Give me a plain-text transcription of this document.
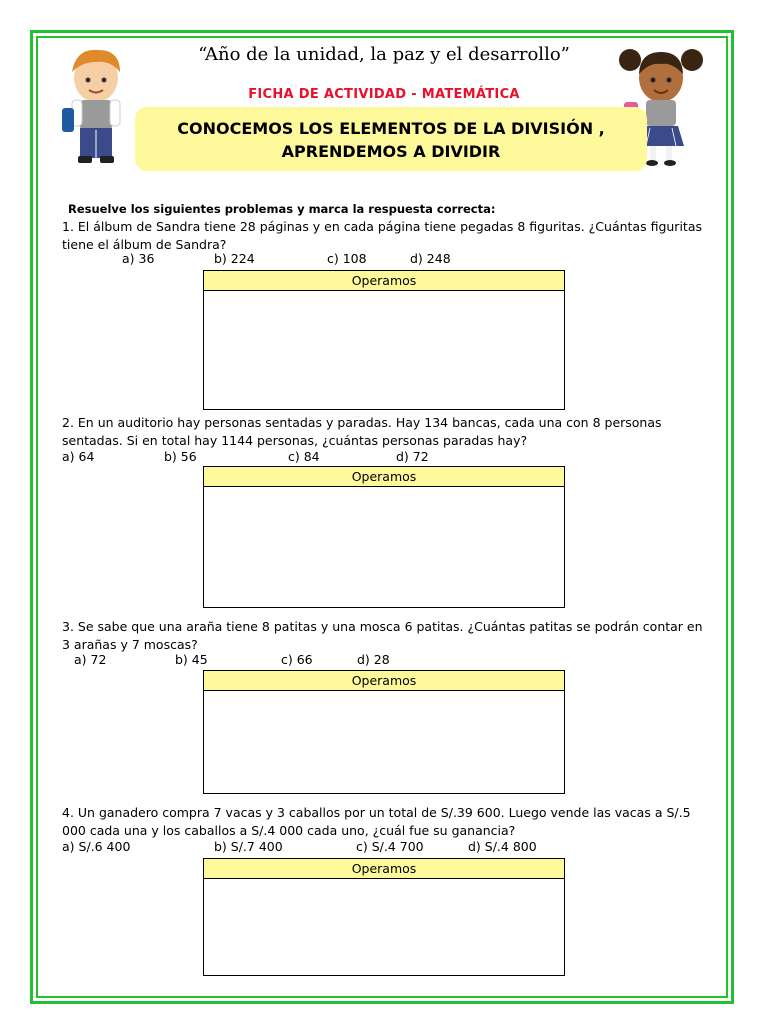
“Año de la unidad, la paz y el desarrollo”
FICHA DE ACTIVIDAD - MATEMÁTICA
CONOCEMOS LOS ELEMENTOS DE LA DIVISIÓN ,
APRENDEMOS A DIVIDIR
Resuelve los siguientes problemas y marca la respuesta correcta:
1. El álbum de Sandra tiene 28 páginas y en cada página tiene pegadas 8 figuritas. ¿Cuántas figuritas tiene el álbum de Sandra?
a) 36	b) 224	c) 108	d) 248
Operamos
2. En un auditorio hay personas sentadas y paradas. Hay 134 bancas, cada una con 8 personas sentadas. Si en total hay 1144 personas, ¿cuántas personas paradas hay?
a) 64	b) 56	c) 84	d) 72
Operamos
3. Se sabe que una araña tiene 8 patitas y una mosca 6 patitas. ¿Cuántas patitas se podrán contar en 3 arañas y 7 moscas?
a) 72	b) 45	c) 66	d) 28
Operamos
4. Un ganadero compra 7 vacas y 3 caballos por un total de S/.39 600. Luego vende las vacas a S/.5 000 cada una y los caballos a S/.4 000 cada uno, ¿cuál fue su ganancia?
a) S/.6 400	b) S/.7 400	c) S/.4 700	d) S/.4 800
Operamos
